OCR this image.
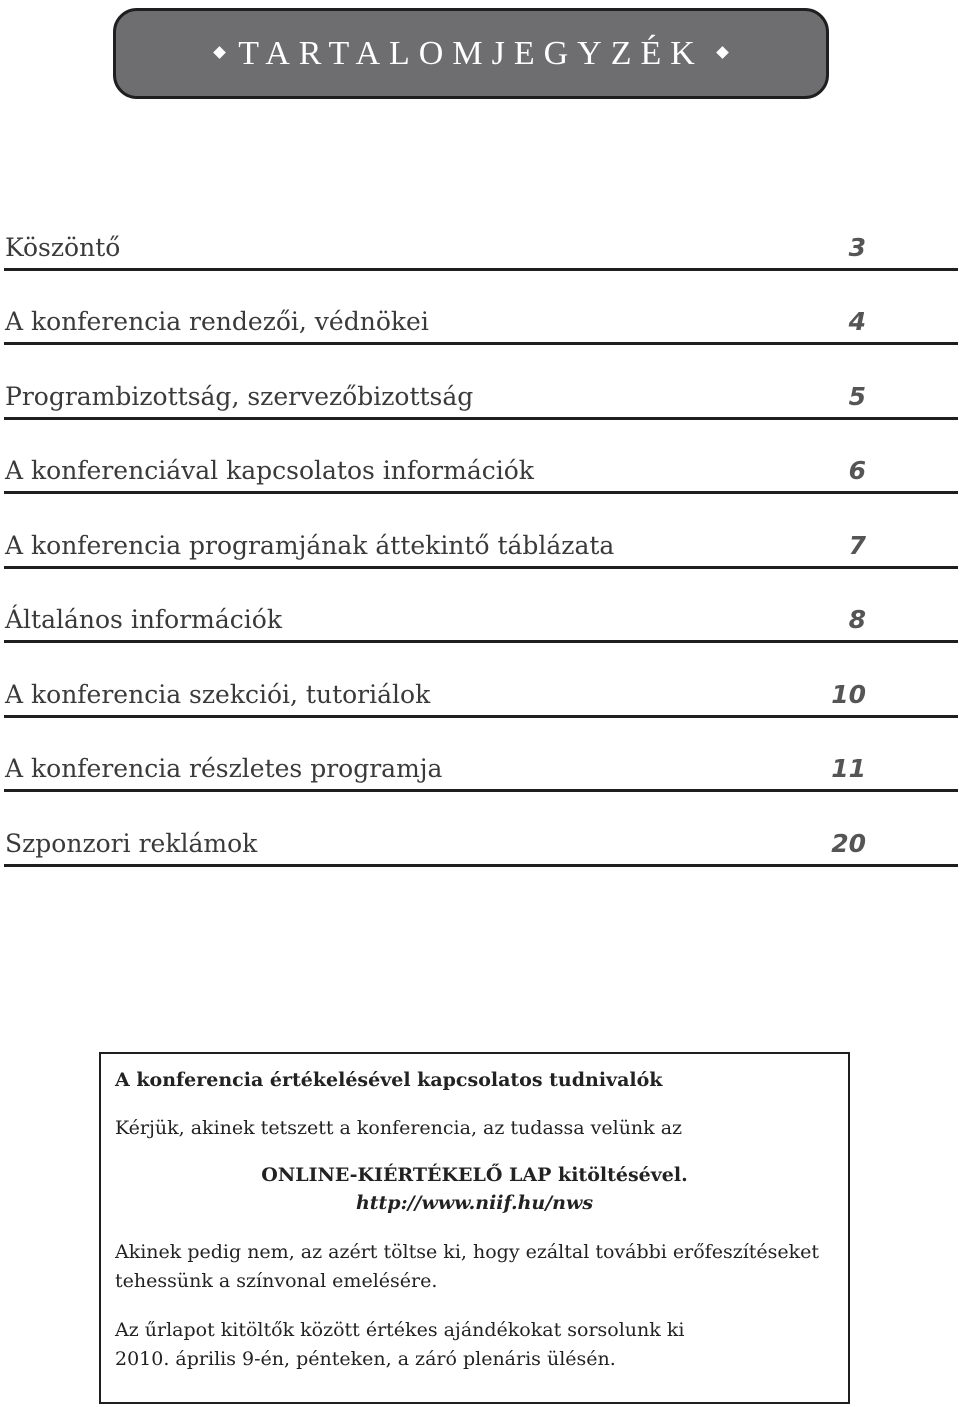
TARTALOMJEGYZÉK
Köszöntő	3
A konferencia rendezői, védnökei	4
Programbizottság, szervezőbizottság	5
A konferenciával kapcsolatos információk	6
A konferencia programjának áttekintő táblázata	7
Általános információk	8
A konferencia szekciói, tutoriálok	10
A konferencia részletes programja	11
Szponzori reklámok	20
A konferencia értékelésével kapcsolatos tudnivalók

Kérjük, akinek tetszett a konferencia, az tudassa velünk az

ONLINE-KIÉRTÉKELŐ LAP kitöltésével.
http://www.niif.hu/nws

Akinek pedig nem, az azért töltse ki, hogy ezáltal további erőfeszítéseket
tehessünk a színvonal emelésére.

Az űrlapot kitöltők között értékes ajándékokat sorsolunk ki
2010. április 9-én, pénteken, a záró plenáris ülésén.
